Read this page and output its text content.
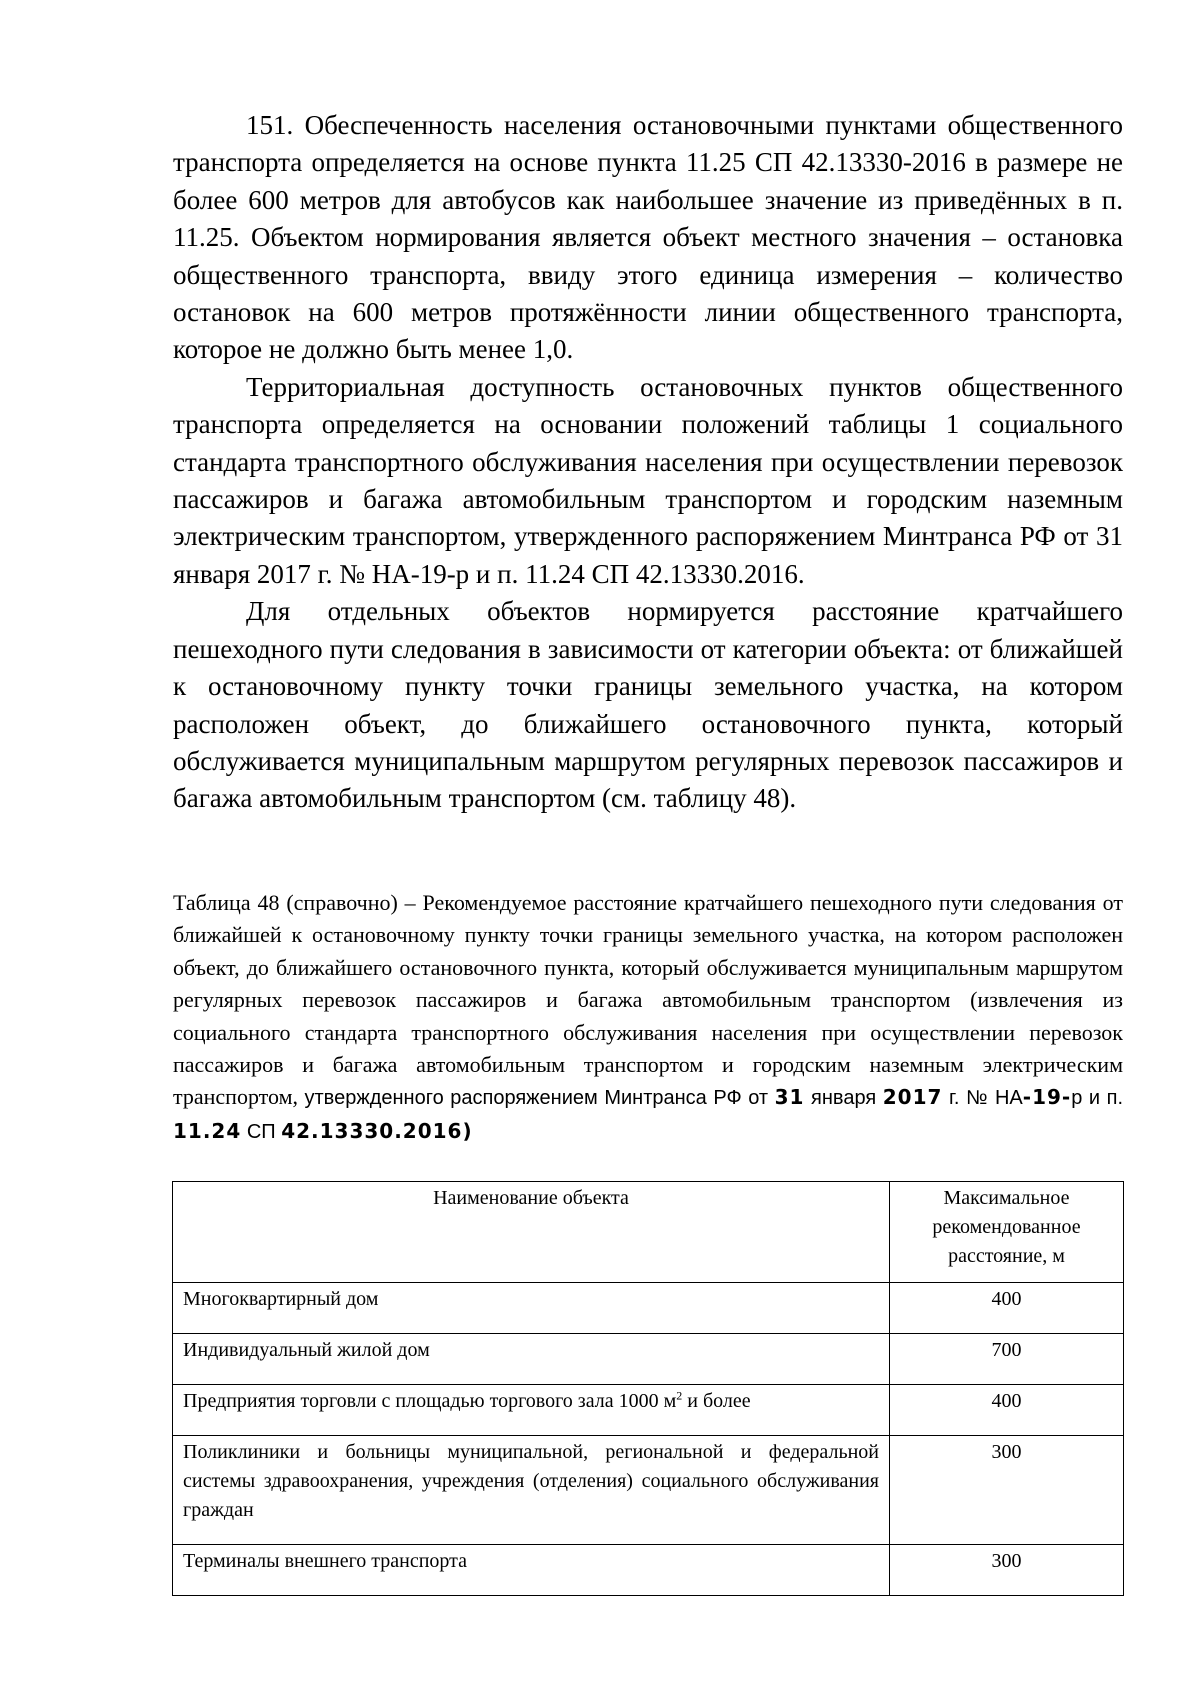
151. Обеспеченность населения остановочными пунктами общественного транспорта определяется на основе пункта 11.25 СП 42.13330-2016 в размере не более 600 метров для автобусов как наибольшее значение из приведённых в п. 11.25. Объектом нормирования является объект местного значения – остановка общественного транспорта, ввиду этого единица измерения – количество остановок на 600 метров протяжённости линии общественного транспорта, которое не должно быть менее 1,0.

Территориальная доступность остановочных пунктов общественного транспорта определяется на основании положений таблицы 1 социального стандарта транспортного обслуживания населения при осуществлении перевозок пассажиров и багажа автомобильным транспортом и городским наземным электрическим транспортом, утвержденного распоряжением Минтранса РФ от 31 января 2017 г. № НА-19-р и п. 11.24 СП 42.13330.2016.

Для отдельных объектов нормируется расстояние кратчайшего пешеходного пути следования в зависимости от категории объекта: от ближайшей к остановочному пункту точки границы земельного участка, на котором расположен объект, до ближайшего остановочного пункта, который обслуживается муниципальным маршрутом регулярных перевозок пассажиров и багажа автомобильным транспортом (см. таблицу 48).

Таблица 48 (справочно) – Рекомендуемое расстояние кратчайшего пешеходного пути следования от ближайшей к остановочному пункту точки границы земельного участка, на котором расположен объект, до ближайшего остановочного пункта, который обслуживается муниципальным маршрутом регулярных перевозок пассажиров и багажа автомобильным транспортом (извлечения из социального стандарта транспортного обслуживания населения при осуществлении перевозок пассажиров и багажа автомобильным транспортом и городским наземным электрическим транспортом, утвержденного распоряжением Минтранса РФ от 31 января 2017 г. № НА-19-р и п. 11.24 СП 42.13330.2016)
Наименование объекта	Максимальное рекомендованное расстояние, м
Многоквартирный дом	400
Индивидуальный жилой дом	700
Предприятия торговли с площадью торгового зала 1000 $м^2$ и более	400
Поликлиники и больницы муниципальной, региональной и федеральной системы здравоохранения, учреждения (отделения) социального обслуживания граждан	300
Терминалы внешнего транспорта	300
